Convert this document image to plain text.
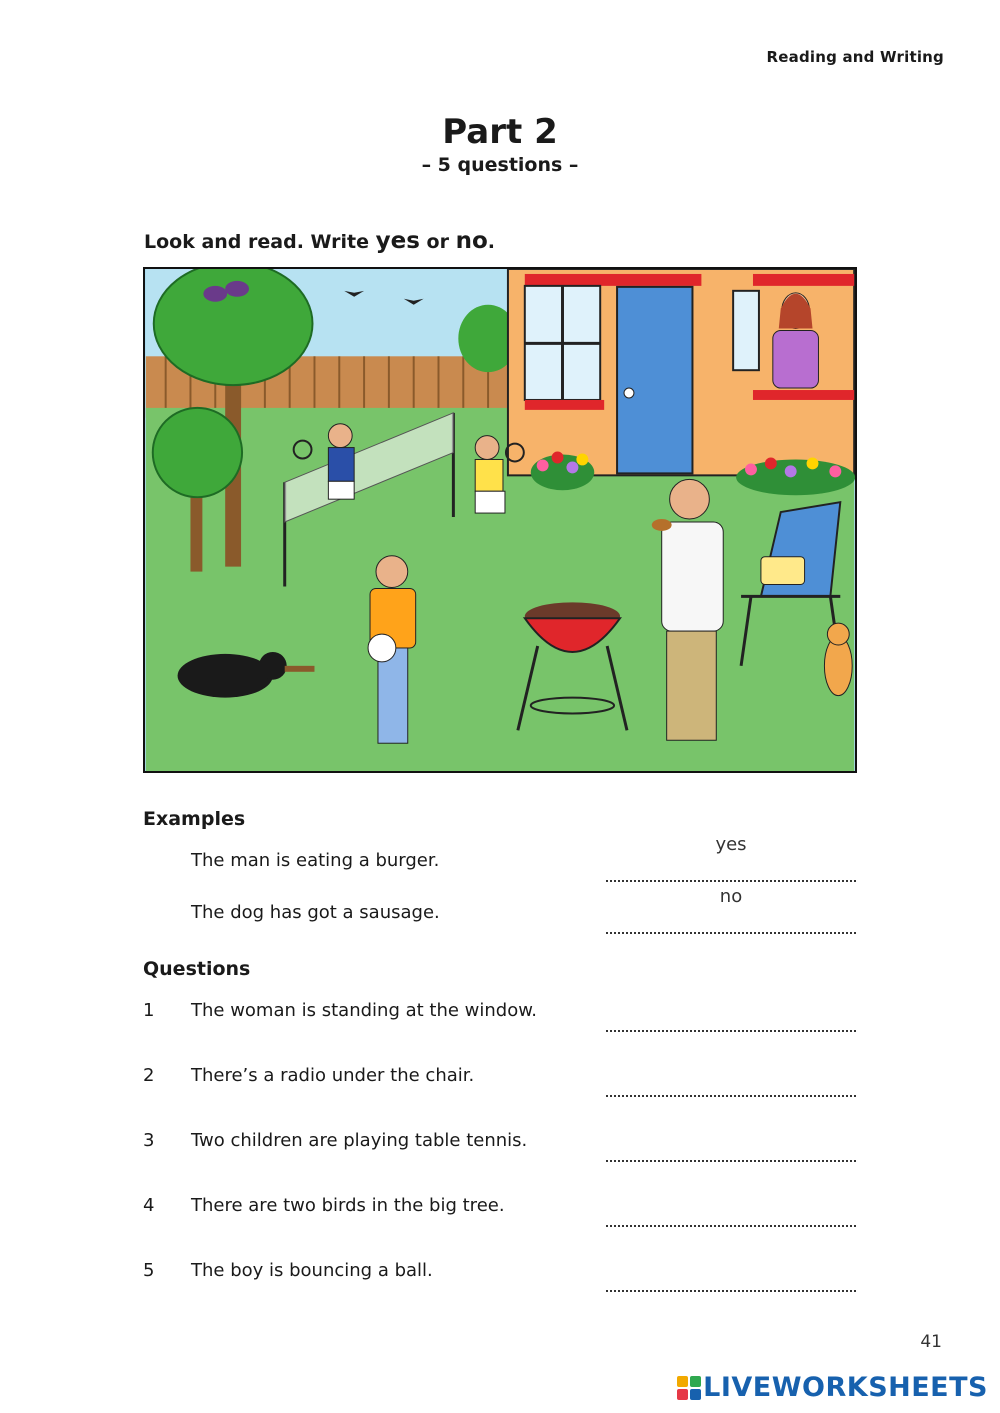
Reading and Writing
Part 2
– 5 questions –
Look and read. Write yes or no.
Examples
The man is eating a burger.
yes
The dog has got a sausage.
no
Questions
1	The woman is standing at the window.
2	There’s a radio under the chair.
3	Two children are playing table tennis.
4	There are two birds in the big tree.
5	The boy is bouncing a ball.
41
LIVEWORKSHEETS
